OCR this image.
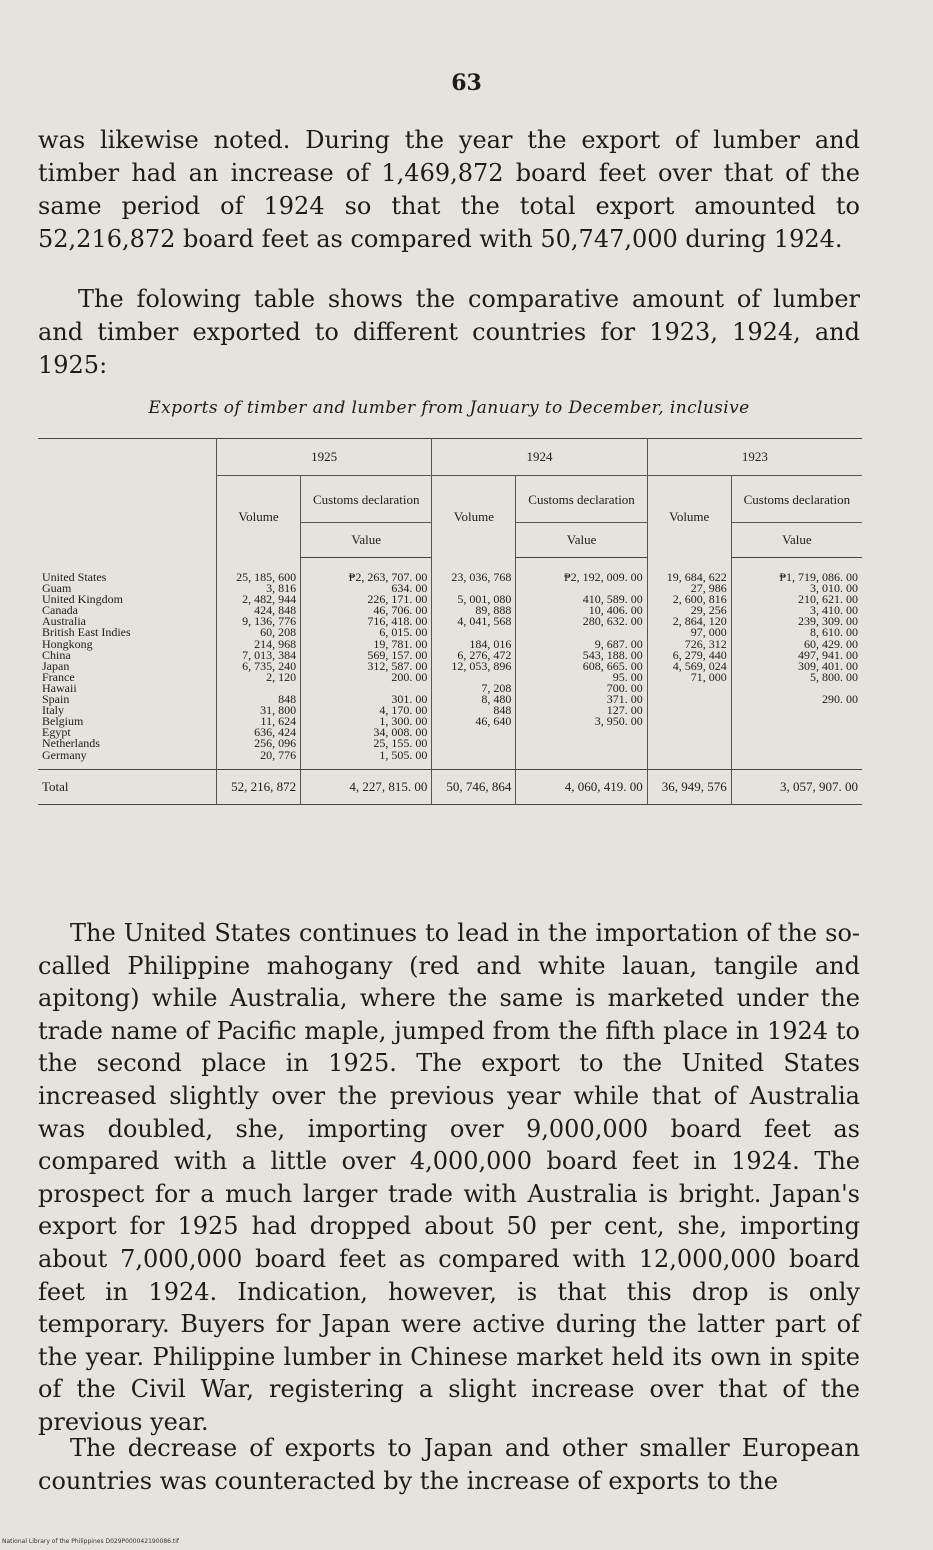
63

was likewise noted. During the year the export of lumber and timber had an increase of 1,469,872 board feet over that of the same period of 1924 so that the total export amounted to 52,216,872 board feet as compared with 50,747,000 during 1924.

The folowing table shows the comparative amount of lumber and timber exported to different countries for 1923, 1924, and 1925:

Exports of timber and lumber from January to December, inclusive
	1925		1924		1923	
	Volume	Customs declaration	Volume	Customs declaration	Volume	Customs declaration
		Value		Value		Value
United States	25, 185, 600	₱2, 263, 707. 00	23, 036, 768	₱2, 192, 009. 00	19, 684, 622	₱1, 719, 086. 00
Guam	3, 816	634. 00			27, 986	3, 010. 00
United Kingdom	2, 482, 944	226, 171. 00	5, 001, 080	410, 589. 00	2, 600, 816	210, 621. 00
Canada	424, 848	46, 706. 00	89, 888	10, 406. 00	29, 256	3, 410. 00
Australia	9, 136, 776	716, 418. 00	4, 041, 568	280, 632. 00	2, 864, 120	239, 309. 00
British East Indies	60, 208	6, 015. 00			97, 000	8, 610. 00
Hongkong	214, 968	19, 781. 00	184, 016	9, 687. 00	726, 312	60, 429. 00
China	7, 013, 384	569, 157. 00	6, 276, 472	543, 188. 00	6, 279, 440	497, 941. 00
Japan	6, 735, 240	312, 587. 00	12, 053, 896	608, 665. 00	4, 569, 024	309, 401. 00
France	2, 120	200. 00		95. 00	71, 000	5, 800. 00
Hawaii			7, 208	700. 00		
Spain	848	301. 00	8, 480	371. 00		290. 00
Italy	31, 800	4, 170. 00	848	127. 00		
Belgium	11, 624	1, 300. 00	46, 640	3, 950. 00		
Egypt	636, 424	34, 008. 00				
Netherlands	256, 096	25, 155. 00				
Germany	20, 776	1, 505. 00				
Total	52, 216, 872	4, 227, 815. 00	50, 746, 864	4, 060, 419. 00	36, 949, 576	3, 057, 907. 00

The United States continues to lead in the importation of the so-called Philippine mahogany (red and white lauan, tangile and apitong) while Australia, where the same is marketed under the trade name of Pacific maple, jumped from the fifth place in 1924 to the second place in 1925. The export to the United States increased slightly over the previous year while that of Australia was doubled, she, importing over 9,000,000 board feet as compared with a little over 4,000,000 board feet in 1924. The prospect for a much larger trade with Australia is bright. Japan's export for 1925 had dropped about 50 per cent, she, importing about 7,000,000 board feet as compared with 12,000,000 board feet in 1924. Indication, however, is that this drop is only temporary. Buyers for Japan were active during the latter part of the year. Philippine lumber in Chinese market held its own in spite of the Civil War, registering a slight increase over that of the previous year.

The decrease of exports to Japan and other smaller European countries was counteracted by the increase of exports to the

National Library of the Philippines D029P000042190086.tif
